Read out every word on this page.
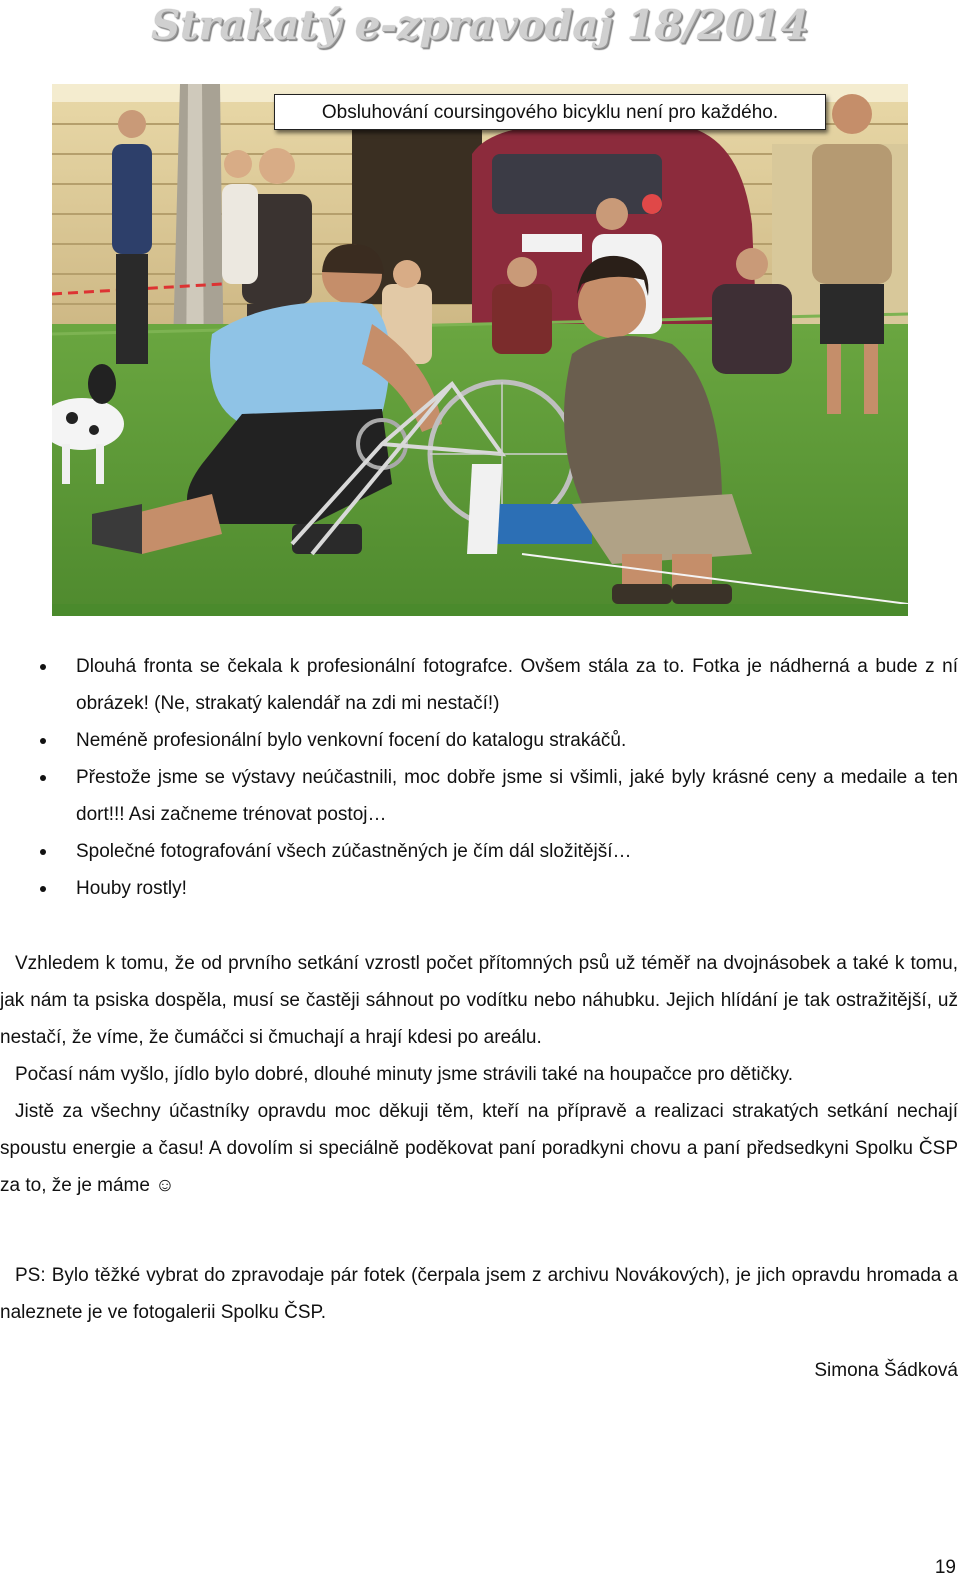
Strakatý e-zpravodaj 18/2014
Obsluhování coursingového bicyklu není pro každého.
Dlouhá fronta se čekala k profesionální fotografce. Ovšem stála za to. Fotka je nádherná a bude z ní obrázek! (Ne, strakatý kalendář na zdi mi nestačí!)
Neméně profesionální bylo venkovní focení do katalogu strakáčů.
Přestože jsme se výstavy neúčastnili, moc dobře jsme si všimli, jaké byly krásné ceny a medaile a ten dort!!! Asi začneme trénovat postoj…
Společné fotografování všech zúčastněných je čím dál složitější…
Houby rostly!

Vzhledem k tomu, že od prvního setkání vzrostl počet přítomných psů už téměř na dvojnásobek a také k tomu, jak nám ta psiska dospěla, musí se častěji sáhnout po vodítku nebo náhubku. Jejich hlídání je tak ostražitější, už nestačí, že víme, že čumáčci si čmuchají a hrají kdesi po areálu.

Počasí nám vyšlo, jídlo bylo dobré, dlouhé minuty jsme strávili také na houpačce pro dětičky.

Jistě za všechny účastníky opravdu moc děkuji těm, kteří na přípravě a realizaci strakatých setkání nechají spoustu energie a času! A dovolím si speciálně poděkovat paní poradkyni chovu a paní předsedkyni Spolku ČSP za to, že je máme ☺

PS: Bylo těžké vybrat do zpravodaje pár fotek (čerpala jsem z archivu Novákových), je jich opravdu hromada a naleznete je ve fotogalerii Spolku ČSP.

Simona Šádková
19
